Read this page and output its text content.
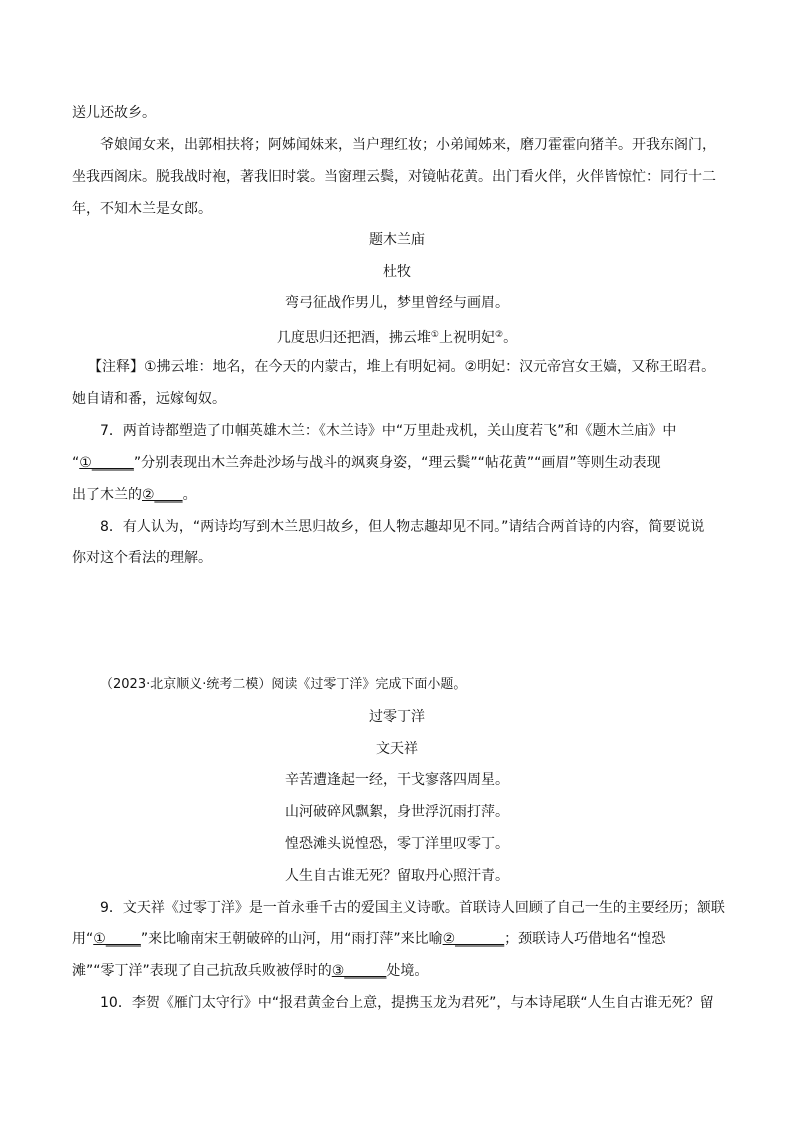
送儿还故乡。
爷娘闻女来，出郭相扶将；阿姊闻妹来，当户理红妆；小弟闻姊来，磨刀霍霍向猪羊。开我东阁门，
坐我西阁床。脱我战时袍，著我旧时裳。当窗理云鬓，对镜帖花黄。出门看火伴，火伴皆惊忙：同行十二
年，不知木兰是女郎。
题木兰庙
杜牧
弯弓征战作男儿，梦里曾经与画眉。
几度思归还把酒，拂云堆①上祝明妃②。
【注释】①拂云堆：地名，在今天的内蒙古，堆上有明妃祠。②明妃：汉元帝宫女王嫱，又称王昭君。
她自请和番，远嫁匈奴。
7．两首诗都塑造了巾帼英雄木兰：《木兰诗》中“万里赴戎机，关山度若飞”和《题木兰庙》中
“①______”分别表现出木兰奔赴沙场与战斗的飒爽身姿，“理云鬓”“帖花黄”“画眉”等则生动表现
出了木兰的②____。
8．有人认为，“两诗均写到木兰思归故乡，但人物志趣却见不同。”请结合两首诗的内容，简要说说
你对这个看法的理解。
（2023·北京顺义·统考二模）阅读《过零丁洋》完成下面小题。
过零丁洋
文天祥
辛苦遭逢起一经，干戈寥落四周星。
山河破碎风飘絮，身世浮沉雨打萍。
惶恐滩头说惶恐，零丁洋里叹零丁。
人生自古谁无死？留取丹心照汗青。
9．文天祥《过零丁洋》是一首永垂千古的爱国主义诗歌。首联诗人回顾了自己一生的主要经历；颔联
用“①_____”来比喻南宋王朝破碎的山河，用“雨打萍”来比喻②_______；颈联诗人巧借地名“惶恐
滩”“零丁洋”表现了自己抗敌兵败被俘时的③______处境。
10．李贺《雁门太守行》中“报君黄金台上意，提携玉龙为君死”，与本诗尾联“人生自古谁无死？留
